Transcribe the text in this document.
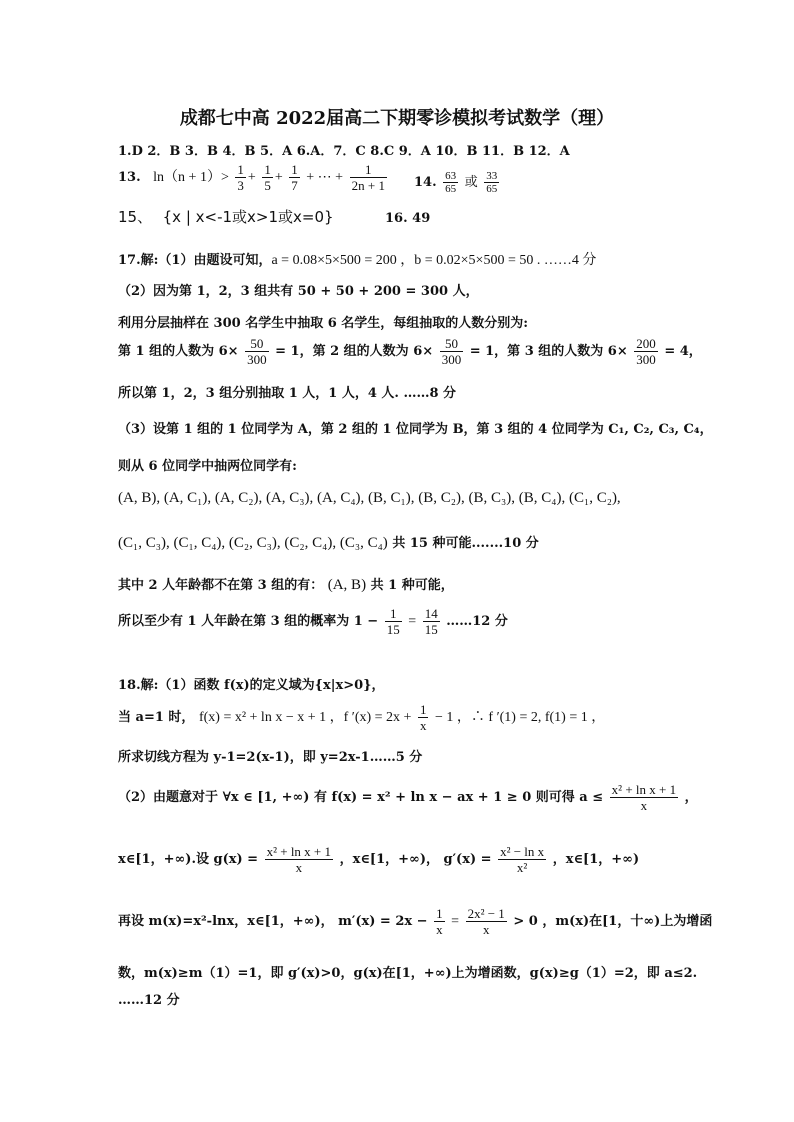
成都七中高 2022届高二下期零诊模拟考试数学（理）
1.D 2．B 3．B 4．B 5．A 6.A．7．C 8.C 9．A 10．B 11．B 12．A
13. $\ln(n + 1)> \frac{1}{3} + \frac{1}{5} + \frac{1}{7}$ + ⋯ + $\frac{1}{2n + 1} 14$. $\frac{63}{65}$ 或 $\frac{33}{65}$
15、 {x | x<-1或x>1或x=0}	16. 49
17.解:（1）由题设可知，a = 0.08×5×500 = 200 ，b = 0.02×5×500 = 50 . ……4 分
（2）因为第 1，2，3 组共有 50 + 50 + 200 = 300 人，
利用分层抽样在 300 名学生中抽取 6 名学生，每组抽取的人数分别为:
第 1 组的人数为 $6\times \frac{50}{300} = 1$，第 2 组的人数为 $6\times \frac{50}{300} = 1$，第 3 组的人数为 $6\times \frac{200}{300} = 4$，
所以第 1，2，3 组分别抽取 1 人，1 人，4 人. ……8 分
（3）设第 1 组的 1 位同学为 A，第 2 组的 1 位同学为 B，第 3 组的 4 位同学为 C₁, C₂, C₃, C₄，
则从 6 位同学中抽两位同学有:
(A, B), (A, C₁), (A, C₂), (A, C₃), (A, C₄), (B, C₁), (B, C₂), (B, C₃), (B, C₄), (C₁, C₂),
(C₁, C₃), (C₁, C₄), (C₂, C₃), (C₂, C₄), (C₃, C₄) 共 15 种可能.......10 分
其中 2 人年龄都不在第 3 组的有： (A, B) 共 1 种可能，
所以至少有 1 人年龄在第 3 组的概率为 $1 - \frac{1}{15} = \frac{14}{15}$ ……12 分
18.解:（1）函数 f(x)的定义域为{x|x>0}，
当 a=1 时， f(x) = x² + ln x − x + 1 ，f $'(x) = 2x + \frac{1}{x} - 1$ ，∴ f ′(1) = 2, f(1) = 1 ，
所求切线方程为 y-1=2(x-1)，即 y=2x-1……5 分
（2）由题意对于 ∀x ∈ [1, +∞) 有 f(x) = x² + ln x − ax + 1 ≥ 0 则可得 $a \le \frac{\text{x² + ln x + 1}}{x}$ ，
x∈[1，+∞).设 $g(x) = \frac{\text{x² + ln x + 1}}{x}$ ，x∈[1，+∞)， $g'(x) = \frac{\text{x² − ln x}}{\text{x²}}$ ，x∈[1，+∞)
再设 m(x)=x²-lnx，x∈[1，+∞)， $m'(x) = 2x - \frac{1}{x} = \frac{\text{2x² − 1}}{x} > 0$ ，m(x)在[1，十∞)上为增函
数，m(x)≥m（1）=1，即 g′(x)>0，g(x)在[1，+∞)上为增函数，g(x)≥g（1）=2，即 a≤2.
……12 分
